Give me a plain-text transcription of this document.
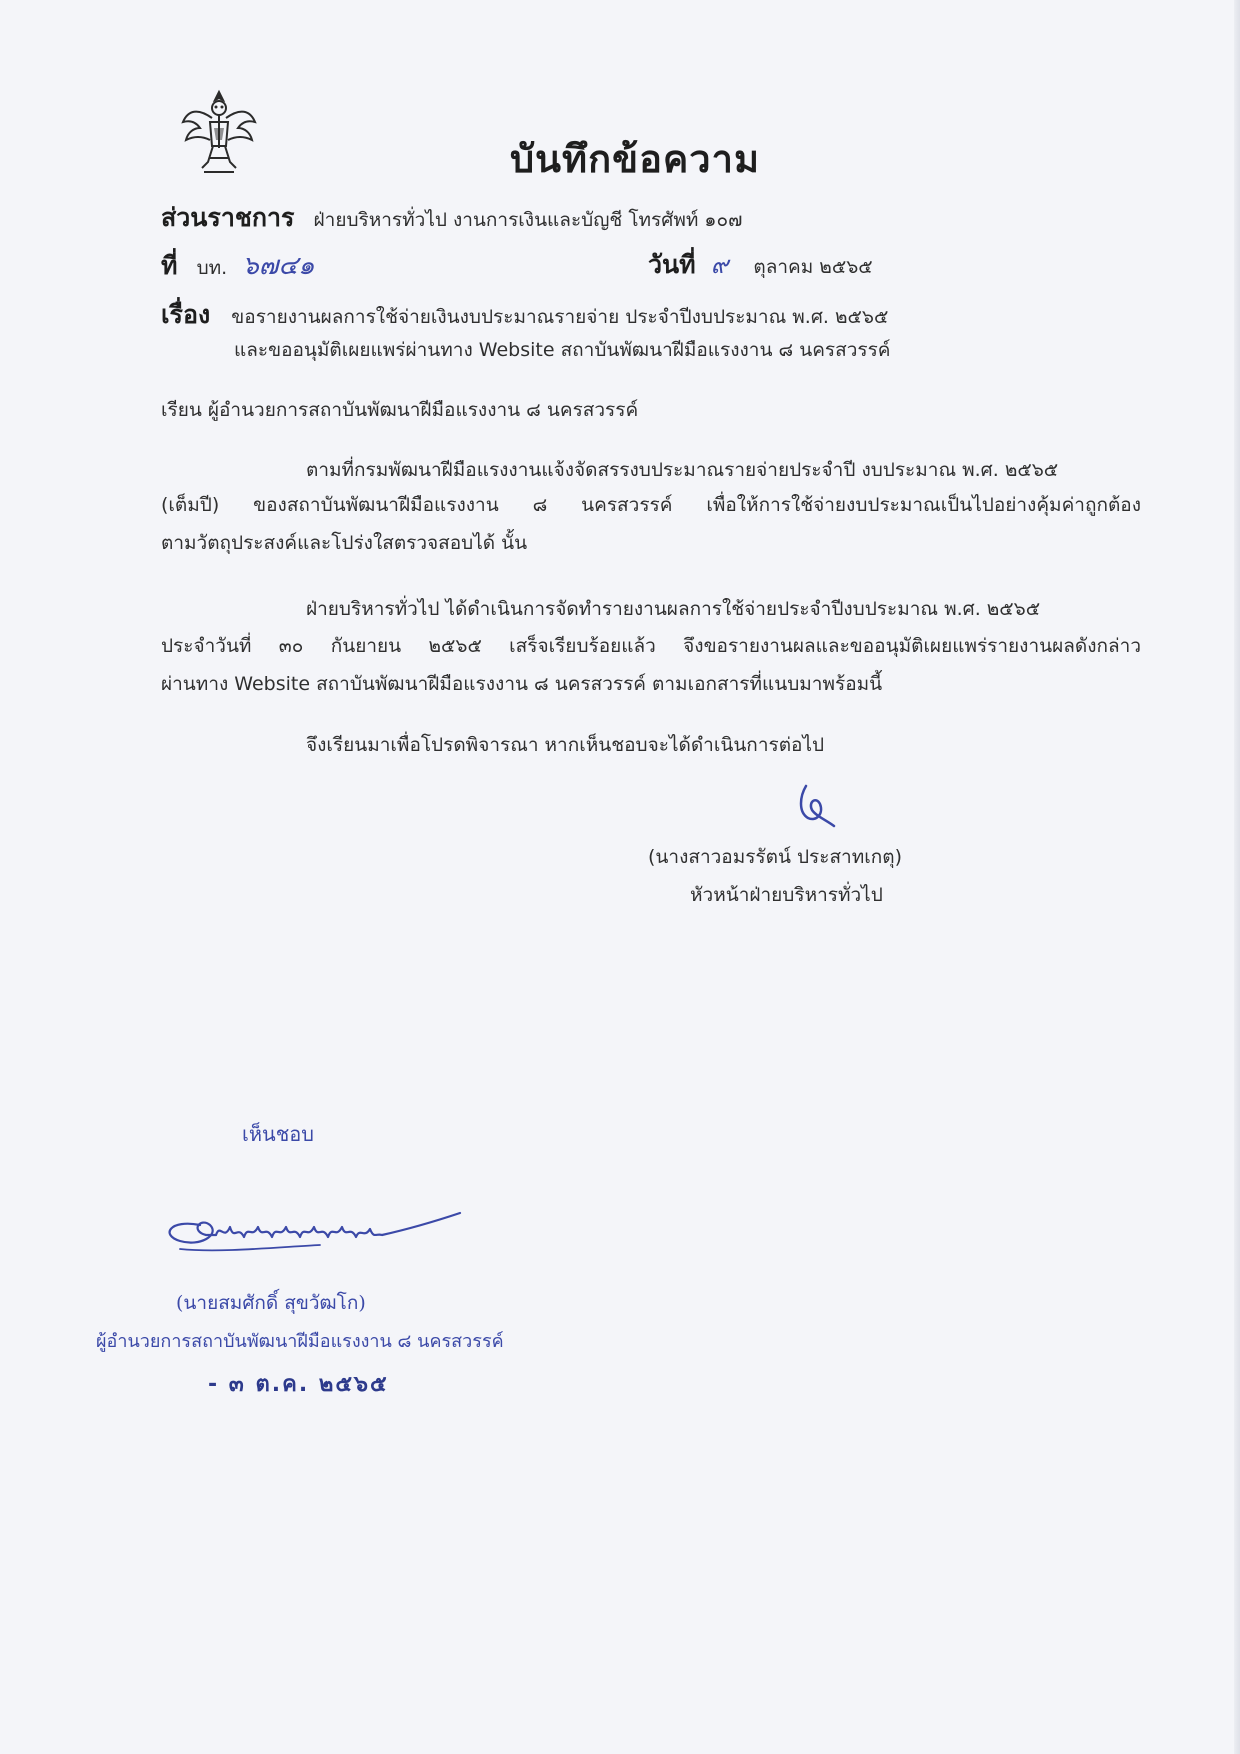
บันทึกข้อความ
ส่วนราชการ ฝ่ายบริหารทั่วไป งานการเงินและบัญชี โทรศัพท์ ๑๐๗
ที่ บท. ๖๗๔๑	วันที่ ๙ ตุลาคม ๒๕๖๕
เรื่อง ขอรายงานผลการใช้จ่ายเงินงบประมาณรายจ่าย ประจำปีงบประมาณ พ.ศ. ๒๕๖๕
และขออนุมัติเผยแพร่ผ่านทาง Website สถาบันพัฒนาฝีมือแรงงาน ๘ นครสวรรค์
เรียน ผู้อำนวยการสถาบันพัฒนาฝีมือแรงงาน ๘ นครสวรรค์
ตามที่กรมพัฒนาฝีมือแรงงานแจ้งจัดสรรงบประมาณรายจ่ายประจำปี งบประมาณ พ.ศ. ๒๕๖๕
(เต็มปี) ของสถาบันพัฒนาฝีมือแรงงาน ๘ นครสวรรค์ เพื่อให้การใช้จ่ายงบประมาณเป็นไปอย่างคุ้มค่าถูกต้อง
ตามวัตถุประสงค์และโปร่งใสตรวจสอบได้ นั้น
ฝ่ายบริหารทั่วไป ได้ดำเนินการจัดทำรายงานผลการใช้จ่ายประจำปีงบประมาณ พ.ศ. ๒๕๖๕
ประจำวันที่ ๓๐ กันยายน ๒๕๖๕ เสร็จเรียบร้อยแล้ว จึงขอรายงานผลและขออนุมัติเผยแพร่รายงานผลดังกล่าว
ผ่านทาง Website สถาบันพัฒนาฝีมือแรงงาน ๘ นครสวรรค์ ตามเอกสารที่แนบมาพร้อมนี้
จึงเรียนมาเพื่อโปรดพิจารณา หากเห็นชอบจะได้ดำเนินการต่อไป
(นางสาวอมรรัตน์ ประสาทเกตุ)
หัวหน้าฝ่ายบริหารทั่วไป
เห็นชอบ
(นายสมศักดิ์ สุขวัฒโก)
ผู้อำนวยการสถาบันพัฒนาฝีมือแรงงาน ๘ นครสวรรค์
- ๓ ต.ค. ๒๕๖๕
